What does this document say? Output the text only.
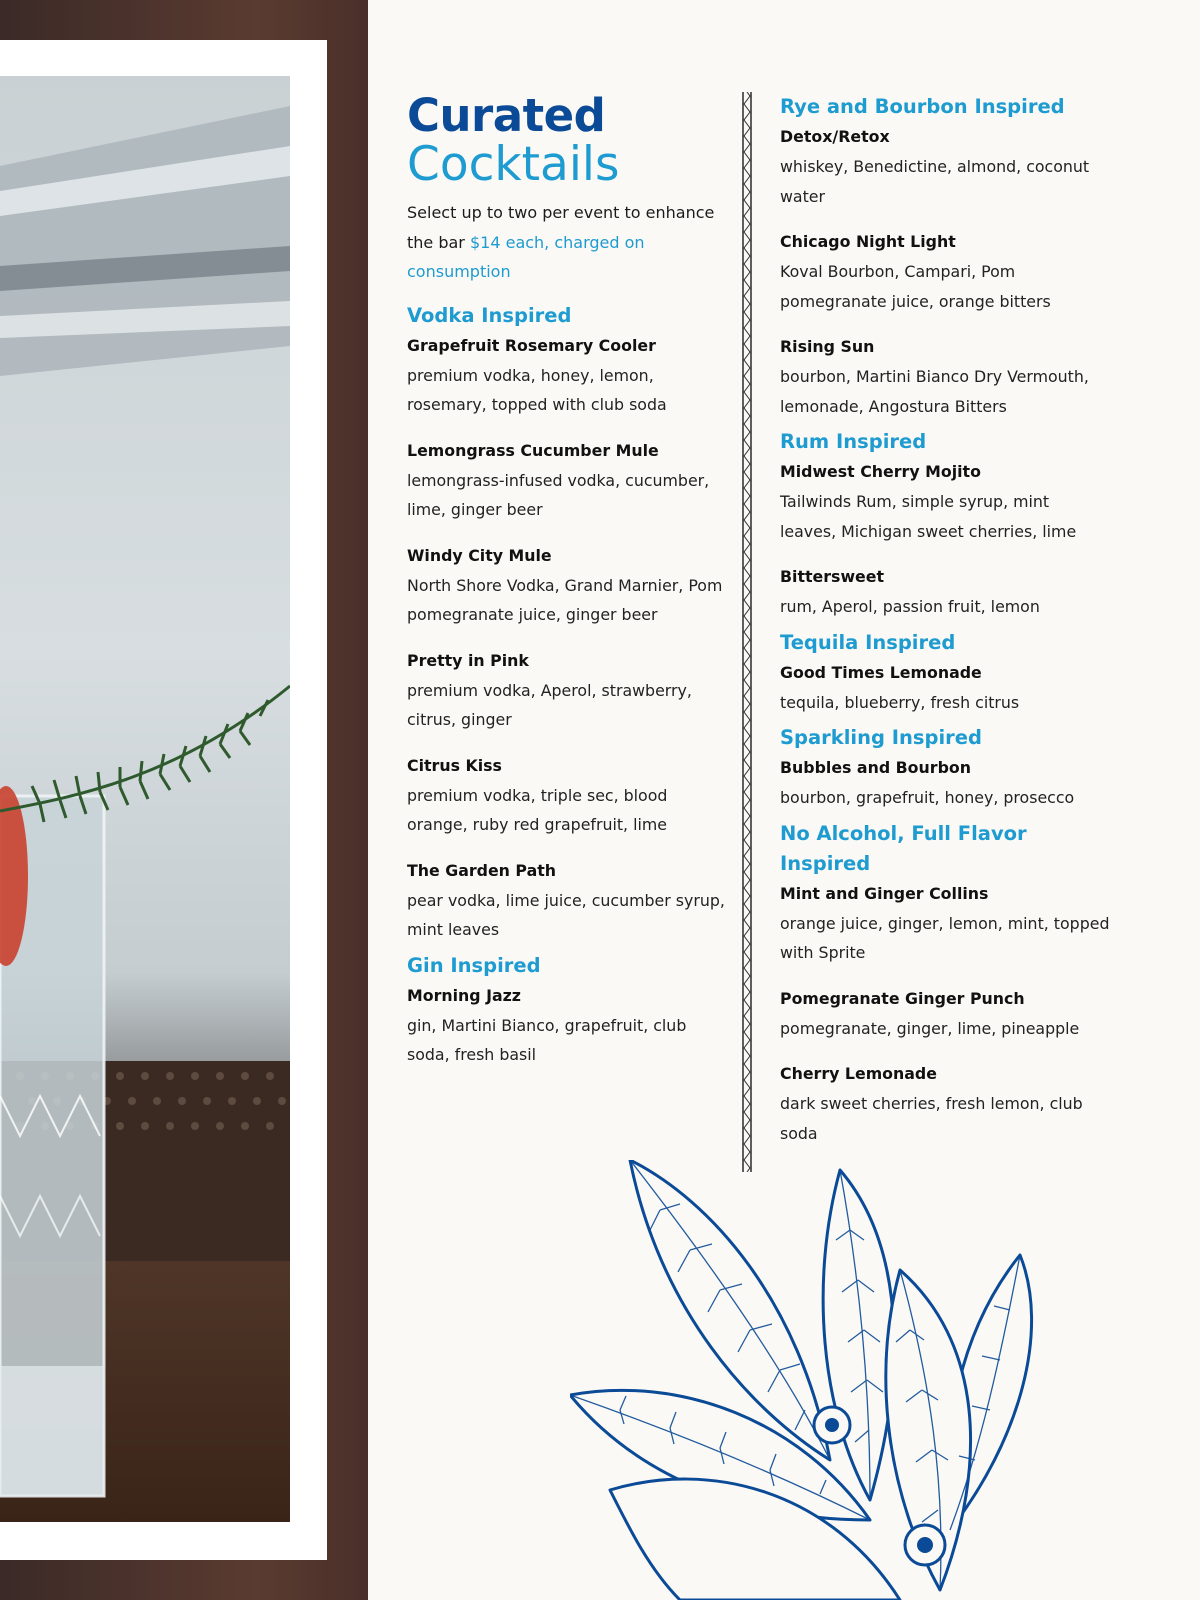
Curated
Cocktails
Select up to two per event to enhance the bar $14 each, charged on consumption
Vodka Inspired
Grapefruit Rosemary Cooler
premium vodka, honey, lemon, rosemary, topped with club soda
Lemongrass Cucumber Mule
lemongrass-infused vodka, cucumber, lime, ginger beer
Windy City Mule
North Shore Vodka, Grand Marnier, Pom pomegranate juice, ginger beer
Pretty in Pink
premium vodka, Aperol, strawberry, citrus, ginger
Citrus Kiss
premium vodka, triple sec, blood orange, ruby red grapefruit, lime
The Garden Path
pear vodka, lime juice, cucumber syrup, mint leaves
Gin Inspired
Morning Jazz
gin, Martini Bianco, grapefruit, club soda, fresh basil
Rye and Bourbon Inspired
Detox/Retox
whiskey, Benedictine, almond, coconut water
Chicago Night Light
Koval Bourbon, Campari, Pom pomegranate juice, orange bitters
Rising Sun
bourbon, Martini Bianco Dry Vermouth, lemonade, Angostura Bitters
Rum Inspired
Midwest Cherry Mojito
Tailwinds Rum, simple syrup, mint leaves, Michigan sweet cherries, lime
Bittersweet
rum, Aperol, passion fruit, lemon
Tequila Inspired
Good Times Lemonade
tequila, blueberry, fresh citrus
Sparkling Inspired
Bubbles and Bourbon
bourbon, grapefruit, honey, prosecco
No Alcohol, Full Flavor Inspired
Mint and Ginger Collins
orange juice, ginger, lemon, mint, topped with Sprite
Pomegranate Ginger Punch
pomegranate, ginger, lime, pineapple
Cherry Lemonade
dark sweet cherries, fresh lemon, club soda
